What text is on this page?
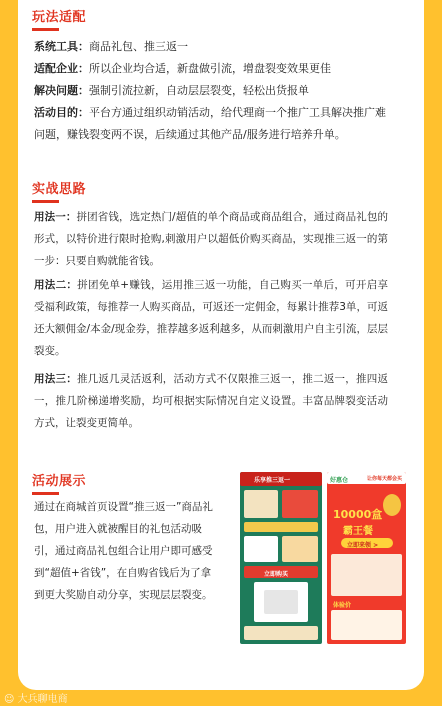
玩法适配
系统工具：商品礼包、推三返一
适配企业：所以企业均合适，新盘做引流，增盘裂变效果更佳
解决问题：强制引流拉新，自动层层裂变，轻松出货报单
活动目的：平台方通过组织动销活动，给代理商一个推广工具解决推广难问题，赚钱裂变两不误，后续通过其他产品/服务进行培养升单。
实战思路
用法一：拼团省钱，选定热门/超值的单个商品或商品组合，通过商品礼包的形式，以特价进行限时抢购,刺激用户以超低价购买商品，实现推三返一的第一步：只要自购就能省钱。
用法二：拼团免单+赚钱，运用推三返一功能，自己购买一单后，可开启享受福利政策，每推荐一人购买商品，可返还一定佣金，每累计推荐3单，可返还大额佣金/本金/现金券，推荐越多返利越多，从而刺激用户自主引流，层层裂变。
用法三：推几返几灵活返利，活动方式不仅限推三返一，推二返一，推四返一，推几阶梯递增奖励，均可根据实际情况自定义设置。丰富品牌裂变活动方式，让裂变更简单。
活动展示
通过在商城首页设置“推三返一”商品礼包，用户进入就被醒目的礼包活动吸引，通过商品礼包组合让用户即可感受到“超值+省钱”，在自购省钱后为了拿到更大奖励自动分享，实现层层裂变。
乐享推三返一
立即购买
好惠仓	让你每天都会买
10000盒
霸王餐
立即来领 >
体验价
☺ 大兵聊电商
